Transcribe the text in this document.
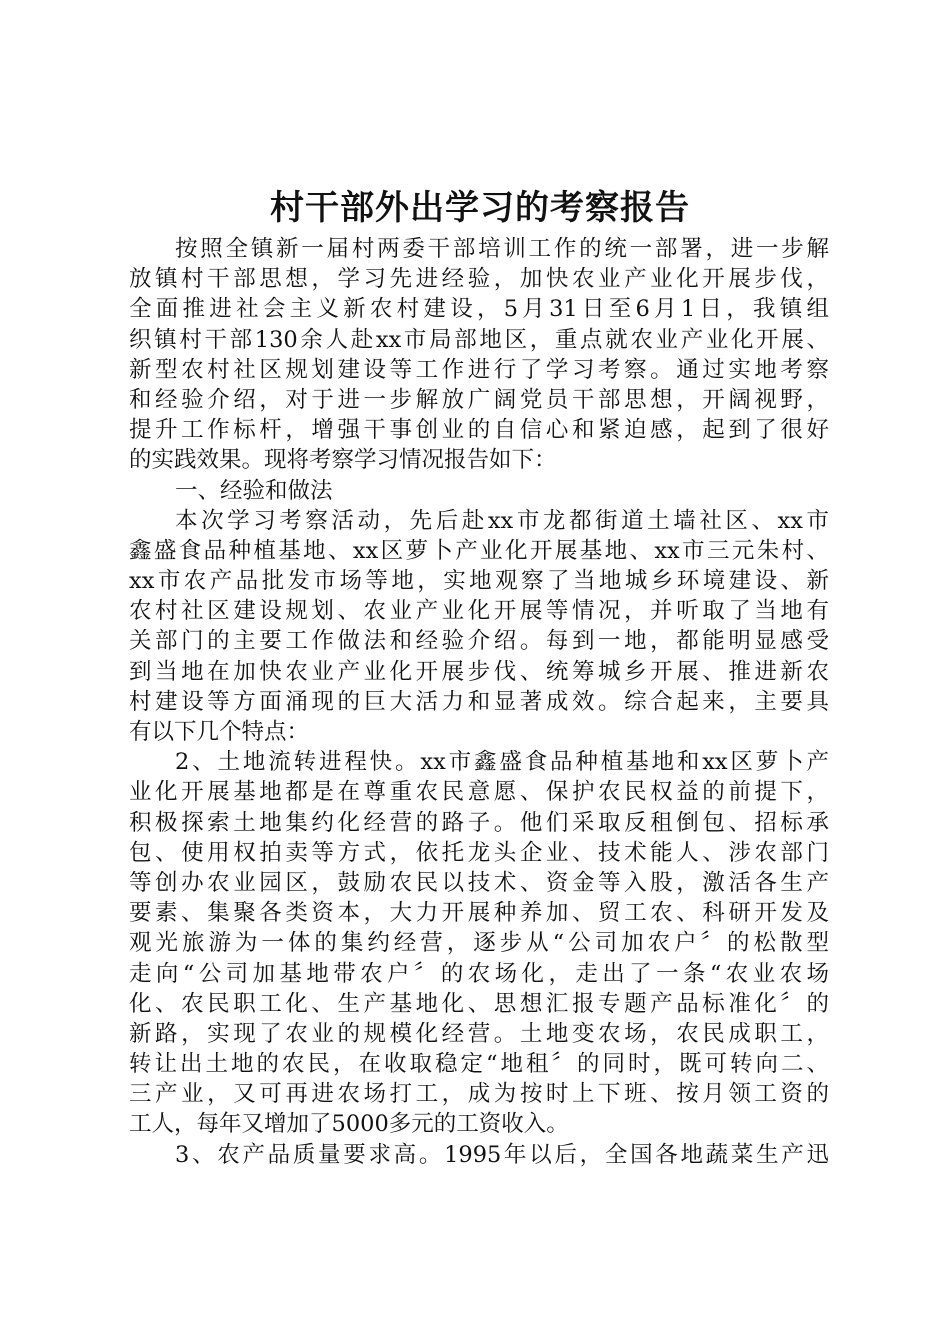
村干部外出学习的考察报告
按照全镇新一届村两委干部培训工作的统一部署，进一步解
放镇村干部思想，学习先进经验，加快农业产业化开展步伐，
全面推进社会主义新农村建设，5月31日至6月1日，我镇组
织镇村干部130余人赴xx市局部地区，重点就农业产业化开展、
新型农村社区规划建设等工作进行了学习考察。通过实地考察
和经验介绍，对于进一步解放广阔党员干部思想，开阔视野，
提升工作标杆，增强干事创业的自信心和紧迫感，起到了很好
的实践效果。现将考察学习情况报告如下：
一、经验和做法
本次学习考察活动，先后赴xx市龙都街道土墙社区、xx市
鑫盛食品种植基地、xx区萝卜产业化开展基地、xx市三元朱村、
xx市农产品批发市场等地，实地观察了当地城乡环境建设、新
农村社区建设规划、农业产业化开展等情况，并听取了当地有
关部门的主要工作做法和经验介绍。每到一地，都能明显感受
到当地在加快农业产业化开展步伐、统筹城乡开展、推进新农
村建设等方面涌现的巨大活力和显著成效。综合起来，主要具
有以下几个特点：
2、土地流转进程快。xx市鑫盛食品种植基地和xx区萝卜产
业化开展基地都是在尊重农民意愿、保护农民权益的前提下，
积极探索土地集约化经营的路子。他们采取反租倒包、招标承
包、使用权拍卖等方式，依托龙头企业、技术能人、涉农部门
等创办农业园区，鼓励农民以技术、资金等入股，激活各生产
要素、集聚各类资本，大力开展种养加、贸工农、科研开发及
观光旅游为一体的集约经营，逐步从“公司加农户〞的松散型
走向“公司加基地带农户〞的农场化，走出了一条“农业农场
化、农民职工化、生产基地化、思想汇报专题产品标准化〞的
新路，实现了农业的规模化经营。土地变农场，农民成职工，
转让出土地的农民，在收取稳定“地租〞的同时，既可转向二、
三产业，又可再进农场打工，成为按时上下班、按月领工资的
工人，每年又增加了5000多元的工资收入。
3、农产品质量要求高。1995年以后，全国各地蔬菜生产迅
